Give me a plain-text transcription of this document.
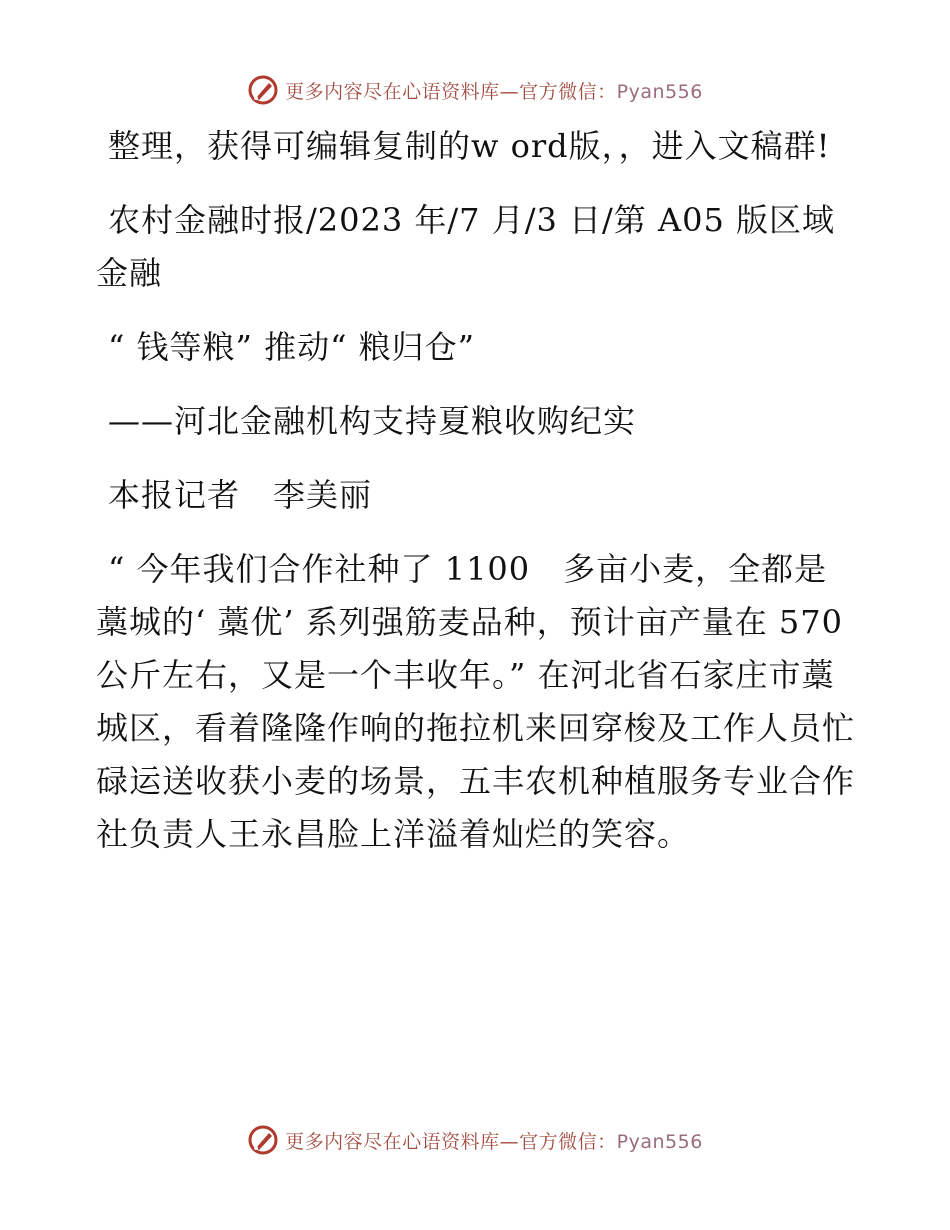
更多内容尽在心语资料库—官方微信：Pyan556

整理，获得可编辑复制的w ord版，，进入文稿群!

农村金融时报/2023 年/7 月/3 日/第 A05 版区域金融

“ 钱等粮” 推动“ 粮归仓”

——河北金融机构支持夏粮收购纪实

本报记者　李美丽

“ 今年我们合作社种了 1100　多亩小麦，全都是藁城的‘ 藁优’ 系列强筋麦品种，预计亩产量在 570 公斤左右，又是一个丰收年。” 在河北省石家庄市藁城区，看着隆隆作响的拖拉机来回穿梭及工作人员忙碌运送收获小麦的场景，五丰农机种植服务专业合作社负责人王永昌脸上洋溢着灿烂的笑容。

更多内容尽在心语资料库—官方微信：Pyan556
